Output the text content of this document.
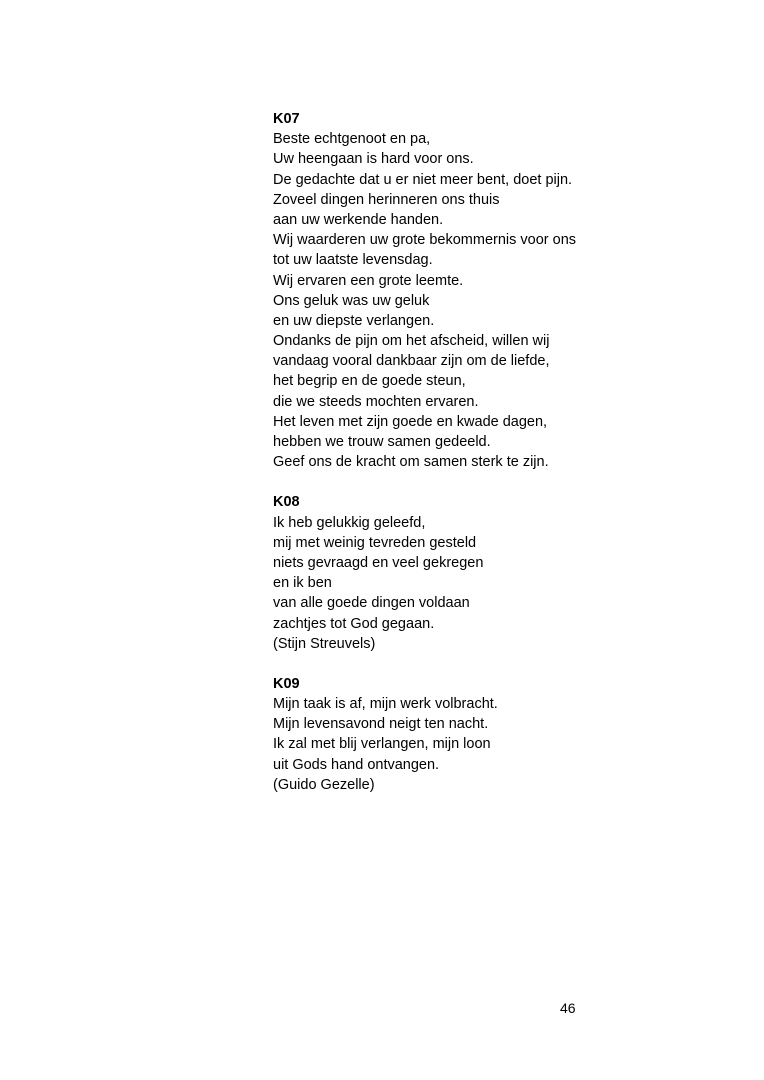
K07
Beste echtgenoot en pa,
Uw heengaan is hard voor ons.
De gedachte dat u er niet meer bent, doet pijn.
Zoveel dingen herinneren ons thuis
aan uw werkende handen.
Wij waarderen uw grote bekommernis voor ons
tot uw laatste levensdag.
Wij ervaren een grote leemte.
Ons geluk was uw geluk
en uw diepste verlangen.
Ondanks de pijn om het afscheid, willen wij
vandaag vooral dankbaar zijn om de liefde,
het begrip en de goede steun,
die we steeds mochten ervaren.
Het leven met zijn goede en kwade dagen,
hebben we trouw samen gedeeld.
Geef ons de kracht om samen sterk te zijn.
K08
Ik heb gelukkig geleefd,
mij met weinig tevreden gesteld
niets gevraagd en veel gekregen
en ik ben
van alle goede dingen voldaan
zachtjes tot God gegaan.
(Stijn Streuvels)
K09
Mijn taak is af, mijn werk volbracht.
Mijn levensavond neigt ten nacht.
Ik zal met blij verlangen, mijn loon
uit Gods hand ontvangen.
(Guido Gezelle)
46
